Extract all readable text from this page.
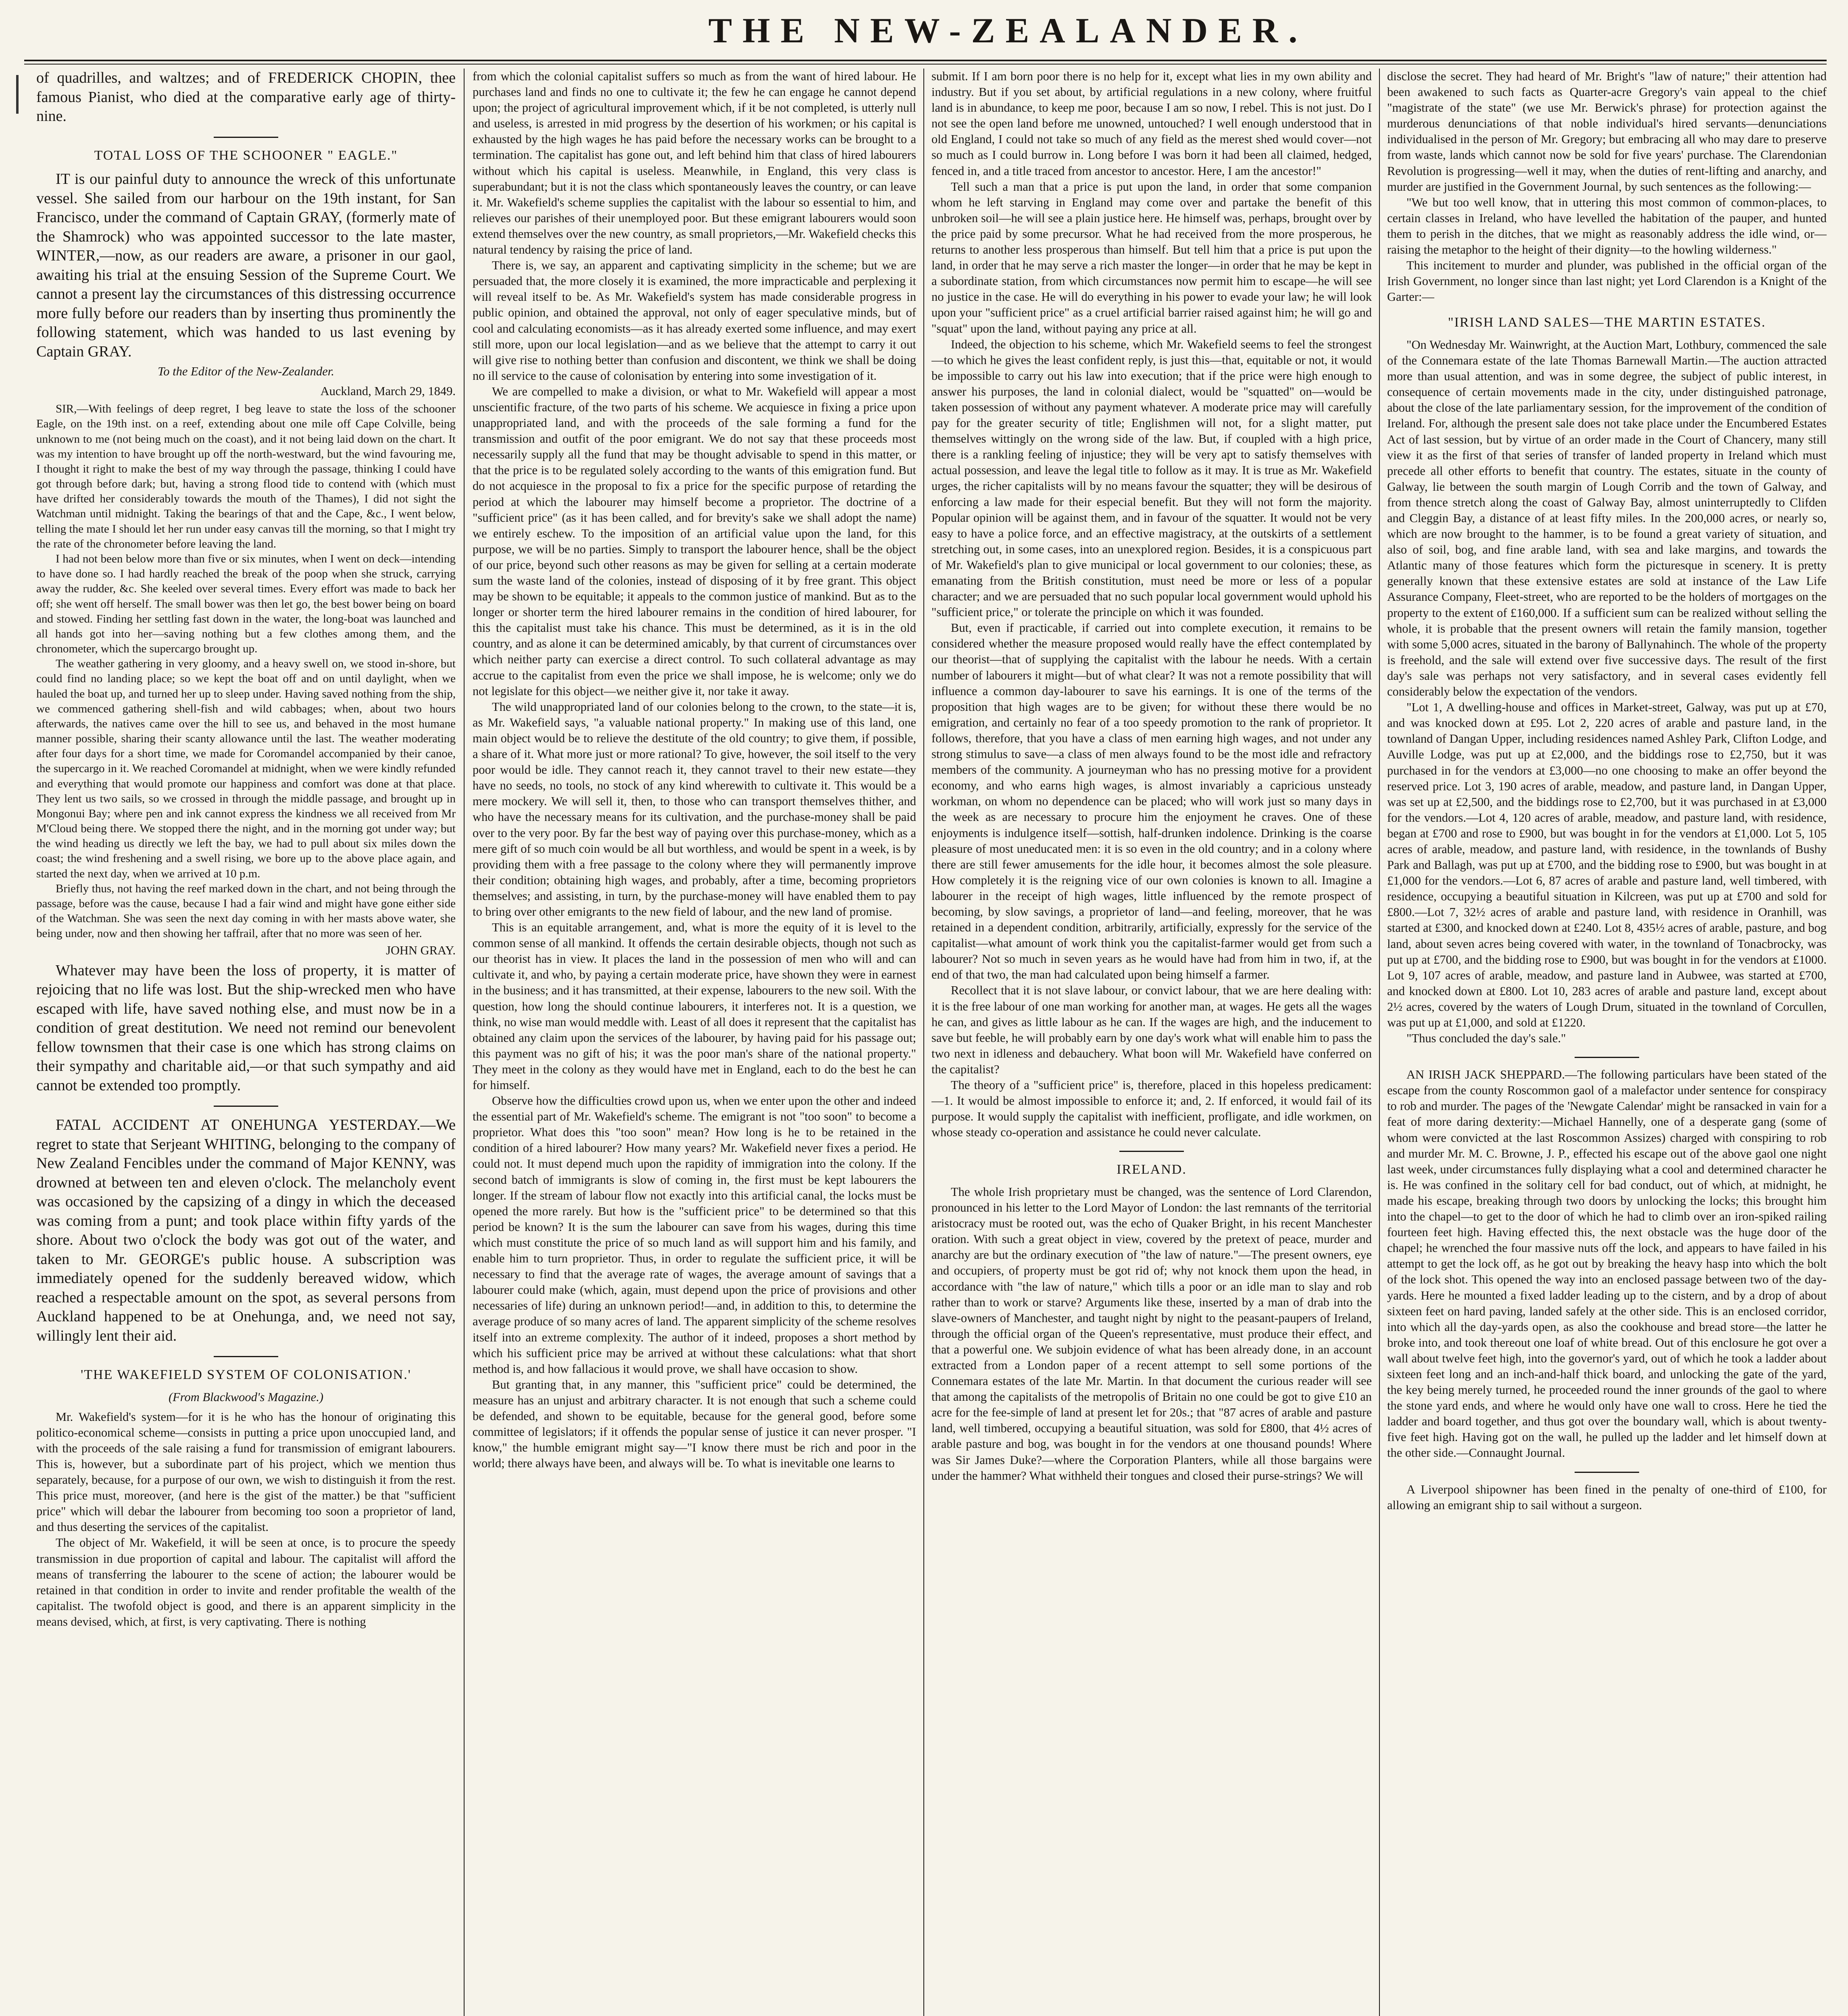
THE NEW-ZEALANDER.

of quadrilles, and waltzes; and of FREDERICK CHOPIN, thee famous Pianist, who died at the comparative early age of thirty-nine.

TOTAL LOSS OF THE SCHOONER " EAGLE."

IT is our painful duty to announce the wreck of this unfortunate vessel. She sailed from our harbour on the 19th instant, for San Francisco, under the command of Captain GRAY, (formerly mate of the Shamrock) who was appointed successor to the late master, WINTER,—now, as our readers are aware, a prisoner in our gaol, awaiting his trial at the ensuing Session of the Supreme Court. We cannot a present lay the circumstances of this distressing occurrence more fully before our readers than by inserting thus prominently the following statement, which was handed to us last evening by Captain GRAY.

To the Editor of the New-Zealander.

Auckland, March 29, 1849.

SIR,—With feelings of deep regret, I beg leave to state the loss of the schooner Eagle, on the 19th inst. on a reef, extending about one mile off Cape Colville, being unknown to me (not being much on the coast), and it not being laid down on the chart. It was my intention to have brought up off the north-westward, but the wind favouring me, I thought it right to make the best of my way through the passage, thinking I could have got through before dark; but, having a strong flood tide to contend with (which must have drifted her considerably towards the mouth of the Thames), I did not sight the Watchman until midnight. Taking the bearings of that and the Cape, &c., I went below, telling the mate I should let her run under easy canvas till the morning, so that I might try the rate of the chronometer before leaving the land.

I had not been below more than five or six minutes, when I went on deck—intending to have done so. I had hardly reached the break of the poop when she struck, carrying away the rudder, &c. She keeled over several times. Every effort was made to back her off; she went off herself. The small bower was then let go, the best bower being on board and stowed. Finding her settling fast down in the water, the long-boat was launched and all hands got into her—saving nothing but a few clothes among them, and the chronometer, which the supercargo brought up.

The weather gathering in very gloomy, and a heavy swell on, we stood in-shore, but could find no landing place; so we kept the boat off and on until daylight, when we hauled the boat up, and turned her up to sleep under. Having saved nothing from the ship, we commenced gathering shell-fish and wild cabbages; when, about two hours afterwards, the natives came over the hill to see us, and behaved in the most humane manner possible, sharing their scanty allowance until the last. The weather moderating after four days for a short time, we made for Coromandel accompanied by their canoe, the supercargo in it. We reached Coromandel at midnight, when we were kindly refunded and everything that would promote our happiness and comfort was done at that place. They lent us two sails, so we crossed in through the middle passage, and brought up in Mongonui Bay; where pen and ink cannot express the kindness we all received from Mr M'Cloud being there. We stopped there the night, and in the morning got under way; but the wind heading us directly we left the bay, we had to pull about six miles down the coast; the wind freshening and a swell rising, we bore up to the above place again, and started the next day, when we arrived at 10 p.m.

Briefly thus, not having the reef marked down in the chart, and not being through the passage, before was the cause, because I had a fair wind and might have gone either side of the Watchman. She was seen the next day coming in with her masts above water, she being under, now and then showing her taffrail, after that no more was seen of her.

JOHN GRAY.

Whatever may have been the loss of property, it is matter of rejoicing that no life was lost. But the ship-wrecked men who have escaped with life, have saved nothing else, and must now be in a condition of great destitution. We need not remind our benevolent fellow townsmen that their case is one which has strong claims on their sympathy and charitable aid,—or that such sympathy and aid cannot be extended too promptly.

FATAL ACCIDENT AT ONEHUNGA YESTERDAY.—We regret to state that Serjeant WHITING, belonging to the company of New Zealand Fencibles under the command of Major KENNY, was drowned at between ten and eleven o'clock. The melancholy event was occasioned by the capsizing of a dingy in which the deceased was coming from a punt; and took place within fifty yards of the shore. About two o'clock the body was got out of the water, and taken to Mr. GEORGE's public house. A subscription was immediately opened for the suddenly bereaved widow, which reached a respectable amount on the spot, as several persons from Auckland happened to be at Onehunga, and, we need not say, willingly lent their aid.

'THE WAKEFIELD SYSTEM OF COLONISATION.'

(From Blackwood's Magazine.)

Mr. Wakefield's system—for it is he who has the honour of originating this politico-economical scheme—consists in putting a price upon unoccupied land, and with the proceeds of the sale raising a fund for transmission of emigrant labourers. This is, however, but a subordinate part of his project, which we mention thus separately, because, for a purpose of our own, we wish to distinguish it from the rest. This price must, moreover, (and here is the gist of the matter.) be that "sufficient price" which will debar the labourer from becoming too soon a proprietor of land, and thus deserting the services of the capitalist.

The object of Mr. Wakefield, it will be seen at once, is to procure the speedy transmission in due proportion of capital and labour. The capitalist will afford the means of transferring the labourer to the scene of action; the labourer would be retained in that condition in order to invite and render profitable the wealth of the capitalist. The twofold object is good, and there is an apparent simplicity in the means devised, which, at first, is very captivating. There is nothing

from which the colonial capitalist suffers so much as from the want of hired labour. He purchases land and finds no one to cultivate it; the few he can engage he cannot depend upon; the project of agricultural improvement which, if it be not completed, is utterly null and useless, is arrested in mid progress by the desertion of his workmen; or his capital is exhausted by the high wages he has paid before the necessary works can be brought to a termination. The capitalist has gone out, and left behind him that class of hired labourers without which his capital is useless. Meanwhile, in England, this very class is superabundant; but it is not the class which spontaneously leaves the country, or can leave it. Mr. Wakefield's scheme supplies the capitalist with the labour so essential to him, and relieves our parishes of their unemployed poor. But these emigrant labourers would soon extend themselves over the new country, as small proprietors,—Mr. Wakefield checks this natural tendency by raising the price of land.

There is, we say, an apparent and captivating simplicity in the scheme; but we are persuaded that, the more closely it is examined, the more impracticable and perplexing it will reveal itself to be. As Mr. Wakefield's system has made considerable progress in public opinion, and obtained the approval, not only of eager speculative minds, but of cool and calculating economists—as it has already exerted some influence, and may exert still more, upon our local legislation—and as we believe that the attempt to carry it out will give rise to nothing better than confusion and discontent, we think we shall be doing no ill service to the cause of colonisation by entering into some investigation of it.

We are compelled to make a division, or what to Mr. Wakefield will appear a most unscientific fracture, of the two parts of his scheme. We acquiesce in fixing a price upon unappropriated land, and with the proceeds of the sale forming a fund for the transmission and outfit of the poor emigrant. We do not say that these proceeds most necessarily supply all the fund that may be thought advisable to spend in this matter, or that the price is to be regulated solely according to the wants of this emigration fund. But do not acquiesce in the proposal to fix a price for the specific purpose of retarding the period at which the labourer may himself become a proprietor. The doctrine of a "sufficient price" (as it has been called, and for brevity's sake we shall adopt the name) we entirely eschew. To the imposition of an artificial value upon the land, for this purpose, we will be no parties. Simply to transport the labourer hence, shall be the object of our price, beyond such other reasons as may be given for selling at a certain moderate sum the waste land of the colonies, instead of disposing of it by free grant. This object may be shown to be equitable; it appeals to the common justice of mankind. But as to the longer or shorter term the hired labourer remains in the condition of hired labourer, for this the capitalist must take his chance. This must be determined, as it is in the old country, and as alone it can be determined amicably, by that current of circumstances over which neither party can exercise a direct control. To such collateral advantage as may accrue to the capitalist from even the price we shall impose, he is welcome; only we do not legislate for this object—we neither give it, nor take it away.

The wild unappropriated land of our colonies belong to the crown, to the state—it is, as Mr. Wakefield says, "a valuable national property." In making use of this land, one main object would be to relieve the destitute of the old country; to give them, if possible, a share of it. What more just or more rational? To give, however, the soil itself to the very poor would be idle. They cannot reach it, they cannot travel to their new estate—they have no seeds, no tools, no stock of any kind wherewith to cultivate it. This would be a mere mockery. We will sell it, then, to those who can transport themselves thither, and who have the necessary means for its cultivation, and the purchase-money shall be paid over to the very poor. By far the best way of paying over this purchase-money, which as a mere gift of so much coin would be all but worthless, and would be spent in a week, is by providing them with a free passage to the colony where they will permanently improve their condition; obtaining high wages, and probably, after a time, becoming proprietors themselves; and assisting, in turn, by the purchase-money will have enabled them to pay to bring over other emigrants to the new field of labour, and the new land of promise.

This is an equitable arrangement, and, what is more the equity of it is level to the common sense of all mankind. It offends the certain desirable objects, though not such as our theorist has in view. It places the land in the possession of men who will and can cultivate it, and who, by paying a certain moderate price, have shown they were in earnest in the business; and it has transmitted, at their expense, labourers to the new soil. With the question, how long the should continue labourers, it interferes not. It is a question, we think, no wise man would meddle with. Least of all does it represent that the capitalist has obtained any claim upon the services of the labourer, by having paid for his passage out; this payment was no gift of his; it was the poor man's share of the national property." They meet in the colony as they would have met in England, each to do the best he can for himself.

Observe how the difficulties crowd upon us, when we enter upon the other and indeed the essential part of Mr. Wakefield's scheme. The emigrant is not "too soon" to become a proprietor. What does this "too soon" mean? How long is he to be retained in the condition of a hired labourer? How many years? Mr. Wakefield never fixes a period. He could not. It must depend much upon the rapidity of immigration into the colony. If the second batch of immigrants is slow of coming in, the first must be kept labourers the longer. If the stream of labour flow not exactly into this artificial canal, the locks must be opened the more rarely. But how is the "sufficient price" to be determined so that this period be known? It is the sum the labourer can save from his wages, during this time which must constitute the price of so much land as will support him and his family, and enable him to turn proprietor. Thus, in order to regulate the sufficient price, it will be necessary to find that the average rate of wages, the average amount of savings that a labourer could make (which, again, must depend upon the price of provisions and other necessaries of life) during an unknown period!—and, in addition to this, to determine the average produce of so many acres of land. The apparent simplicity of the scheme resolves itself into an extreme complexity. The author of it indeed, proposes a short method by which his sufficient price may be arrived at without these calculations: what that short method is, and how fallacious it would prove, we shall have occasion to show.

But granting that, in any manner, this "sufficient price" could be determined, the measure has an unjust and arbitrary character. It is not enough that such a scheme could be defended, and shown to be equitable, because for the general good, before some committee of legislators; if it offends the popular sense of justice it can never prosper. "I know," the humble emigrant might say—"I know there must be rich and poor in the world; there always have been, and always will be. To what is inevitable one learns to

submit. If I am born poor there is no help for it, except what lies in my own ability and industry. But if you set about, by artificial regulations in a new colony, where fruitful land is in abundance, to keep me poor, because I am so now, I rebel. This is not just. Do I not see the open land before me unowned, untouched? I well enough understood that in old England, I could not take so much of any field as the merest shed would cover—not so much as I could burrow in. Long before I was born it had been all claimed, hedged, fenced in, and a title traced from ancestor to ancestor. Here, I am the ancestor!"

Tell such a man that a price is put upon the land, in order that some companion whom he left starving in England may come over and partake the benefit of this unbroken soil—he will see a plain justice here. He himself was, perhaps, brought over by the price paid by some precursor. What he had received from the more prosperous, he returns to another less prosperous than himself. But tell him that a price is put upon the land, in order that he may serve a rich master the longer—in order that he may be kept in a subordinate station, from which circumstances now permit him to escape—he will see no justice in the case. He will do everything in his power to evade your law; he will look upon your "sufficient price" as a cruel artificial barrier raised against him; he will go and "squat" upon the land, without paying any price at all.

Indeed, the objection to his scheme, which Mr. Wakefield seems to feel the strongest—to which he gives the least confident reply, is just this—that, equitable or not, it would be impossible to carry out his law into execution; that if the price were high enough to answer his purposes, the land in colonial dialect, would be "squatted" on—would be taken possession of without any payment whatever. A moderate price may will carefully pay for the greater security of title; Englishmen will not, for a slight matter, put themselves wittingly on the wrong side of the law. But, if coupled with a high price, there is a rankling feeling of injustice; they will be very apt to satisfy themselves with actual possession, and leave the legal title to follow as it may. It is true as Mr. Wakefield urges, the richer capitalists will by no means favour the squatter; they will be desirous of enforcing a law made for their especial benefit. But they will not form the majority. Popular opinion will be against them, and in favour of the squatter. It would not be very easy to have a police force, and an effective magistracy, at the outskirts of a settlement stretching out, in some cases, into an unexplored region. Besides, it is a conspicuous part of Mr. Wakefield's plan to give municipal or local government to our colonies; these, as emanating from the British constitution, must need be more or less of a popular character; and we are persuaded that no such popular local government would uphold his "sufficient price," or tolerate the principle on which it was founded.

But, even if practicable, if carried out into complete execution, it remains to be considered whether the measure proposed would really have the effect contemplated by our theorist—that of supplying the capitalist with the labour he needs. With a certain number of labourers it might—but of what clear? It was not a remote possibility that will influence a common day-labourer to save his earnings. It is one of the terms of the proposition that high wages are to be given; for without these there would be no emigration, and certainly no fear of a too speedy promotion to the rank of proprietor. It follows, therefore, that you have a class of men earning high wages, and not under any strong stimulus to save—a class of men always found to be the most idle and refractory members of the community. A journeyman who has no pressing motive for a provident economy, and who earns high wages, is almost invariably a capricious unsteady workman, on whom no dependence can be placed; who will work just so many days in the week as are necessary to procure him the enjoyment he craves. One of these enjoyments is indulgence itself—sottish, half-drunken indolence. Drinking is the coarse pleasure of most uneducated men: it is so even in the old country; and in a colony where there are still fewer amusements for the idle hour, it becomes almost the sole pleasure. How completely it is the reigning vice of our own colonies is known to all. Imagine a labourer in the receipt of high wages, little influenced by the remote prospect of becoming, by slow savings, a proprietor of land—and feeling, moreover, that he was retained in a dependent condition, arbitrarily, artificially, expressly for the service of the capitalist—what amount of work think you the capitalist-farmer would get from such a labourer? Not so much in seven years as he would have had from him in two, if, at the end of that two, the man had calculated upon being himself a farmer.

Recollect that it is not slave labour, or convict labour, that we are here dealing with: it is the free labour of one man working for another man, at wages. He gets all the wages he can, and gives as little labour as he can. If the wages are high, and the inducement to save but feeble, he will probably earn by one day's work what will enable him to pass the two next in idleness and debauchery. What boon will Mr. Wakefield have conferred on the capitalist?

The theory of a "sufficient price" is, therefore, placed in this hopeless predicament:—1. It would be almost impossible to enforce it; and, 2. If enforced, it would fail of its purpose. It would supply the capitalist with inefficient, profligate, and idle workmen, on whose steady co-operation and assistance he could never calculate.

IRELAND.

The whole Irish proprietary must be changed, was the sentence of Lord Clarendon, pronounced in his letter to the Lord Mayor of London: the last remnants of the territorial aristocracy must be rooted out, was the echo of Quaker Bright, in his recent Manchester oration. With such a great object in view, covered by the pretext of peace, murder and anarchy are but the ordinary execution of "the law of nature."—The present owners, eye and occupiers, of property must be got rid of; why not knock them upon the head, in accordance with "the law of nature," which tills a poor or an idle man to slay and rob rather than to work or starve? Arguments like these, inserted by a man of drab into the slave-owners of Manchester, and taught night by night to the peasant-paupers of Ireland, through the official organ of the Queen's representative, must produce their effect, and that a powerful one. We subjoin evidence of what has been already done, in an account extracted from a London paper of a recent attempt to sell some portions of the Connemara estates of the late Mr. Martin. In that document the curious reader will see that among the capitalists of the metropolis of Britain no one could be got to give £10 an acre for the fee-simple of land at present let for 20s.; that "87 acres of arable and pasture land, well timbered, occupying a beautiful situation, was sold for £800, that 4½ acres of arable pasture and bog, was bought in for the vendors at one thousand pounds! Where was Sir James Duke?—where the Corporation Planters, while all those bargains were under the hammer? What withheld their tongues and closed their purse-strings? We will

disclose the secret. They had heard of Mr. Bright's "law of nature;" their attention had been awakened to such facts as Quarter-acre Gregory's vain appeal to the chief "magistrate of the state" (we use Mr. Berwick's phrase) for protection against the murderous denunciations of that noble individual's hired servants—denunciations individualised in the person of Mr. Gregory; but embracing all who may dare to preserve from waste, lands which cannot now be sold for five years' purchase. The Clarendonian Revolution is progressing—well it may, when the duties of rent-lifting and anarchy, and murder are justified in the Government Journal, by such sentences as the following:—

"We but too well know, that in uttering this most common of common-places, to certain classes in Ireland, who have levelled the habitation of the pauper, and hunted them to perish in the ditches, that we might as reasonably address the idle wind, or—raising the metaphor to the height of their dignity—to the howling wilderness."

This incitement to murder and plunder, was published in the official organ of the Irish Government, no longer since than last night; yet Lord Clarendon is a Knight of the Garter:—

"IRISH LAND SALES—THE MARTIN ESTATES.

"On Wednesday Mr. Wainwright, at the Auction Mart, Lothbury, commenced the sale of the Connemara estate of the late Thomas Barnewall Martin.—The auction attracted more than usual attention, and was in some degree, the subject of public interest, in consequence of certain movements made in the city, under distinguished patronage, about the close of the late parliamentary session, for the improvement of the condition of Ireland. For, although the present sale does not take place under the Encumbered Estates Act of last session, but by virtue of an order made in the Court of Chancery, many still view it as the first of that series of transfer of landed property in Ireland which must precede all other efforts to benefit that country. The estates, situate in the county of Galway, lie between the south margin of Lough Corrib and the town of Galway, and from thence stretch along the coast of Galway Bay, almost uninterruptedly to Clifden and Cleggin Bay, a distance of at least fifty miles. In the 200,000 acres, or nearly so, which are now brought to the hammer, is to be found a great variety of situation, and also of soil, bog, and fine arable land, with sea and lake margins, and towards the Atlantic many of those features which form the picturesque in scenery. It is pretty generally known that these extensive estates are sold at instance of the Law Life Assurance Company, Fleet-street, who are reported to be the holders of mortgages on the property to the extent of £160,000. If a sufficient sum can be realized without selling the whole, it is probable that the present owners will retain the family mansion, together with some 5,000 acres, situated in the barony of Ballynahinch. The whole of the property is freehold, and the sale will extend over five successive days. The result of the first day's sale was perhaps not very satisfactory, and in several cases evidently fell considerably below the expectation of the vendors.

"Lot 1, A dwelling-house and offices in Market-street, Galway, was put up at £70, and was knocked down at £95. Lot 2, 220 acres of arable and pasture land, in the townland of Dangan Upper, including residences named Ashley Park, Clifton Lodge, and Auville Lodge, was put up at £2,000, and the biddings rose to £2,750, but it was purchased in for the vendors at £3,000—no one choosing to make an offer beyond the reserved price. Lot 3, 190 acres of arable, meadow, and pasture land, in Dangan Upper, was set up at £2,500, and the biddings rose to £2,700, but it was purchased in at £3,000 for the vendors.—Lot 4, 120 acres of arable, meadow, and pasture land, with residence, began at £700 and rose to £900, but was bought in for the vendors at £1,000. Lot 5, 105 acres of arable, meadow, and pasture land, with residence, in the townlands of Bushy Park and Ballagh, was put up at £700, and the bidding rose to £900, but was bought in at £1,000 for the vendors.—Lot 6, 87 acres of arable and pasture land, well timbered, with residence, occupying a beautiful situation in Kilcreen, was put up at £700 and sold for £800.—Lot 7, 32½ acres of arable and pasture land, with residence in Oranhill, was started at £300, and knocked down at £240. Lot 8, 435½ acres of arable, pasture, and bog land, about seven acres being covered with water, in the townland of Tonacbrocky, was put up at £700, and the bidding rose to £900, but was bought in for the vendors at £1000. Lot 9, 107 acres of arable, meadow, and pasture land in Aubwee, was started at £700, and knocked down at £800. Lot 10, 283 acres of arable and pasture land, except about 2½ acres, covered by the waters of Lough Drum, situated in the townland of Corcullen, was put up at £1,000, and sold at £1220.

"Thus concluded the day's sale."

AN IRISH JACK SHEPPARD.—The following particulars have been stated of the escape from the county Roscommon gaol of a malefactor under sentence for conspiracy to rob and murder. The pages of the 'Newgate Calendar' might be ransacked in vain for a feat of more daring dexterity:—Michael Hannelly, one of a desperate gang (some of whom were convicted at the last Roscommon Assizes) charged with conspiring to rob and murder Mr. M. C. Browne, J. P., effected his escape out of the above gaol one night last week, under circumstances fully displaying what a cool and determined character he is. He was confined in the solitary cell for bad conduct, out of which, at midnight, he made his escape, breaking through two doors by unlocking the locks; this brought him into the chapel—to get to the door of which he had to climb over an iron-spiked railing fourteen feet high. Having effected this, the next obstacle was the huge door of the chapel; he wrenched the four massive nuts off the lock, and appears to have failed in his attempt to get the lock off, as he got out by breaking the heavy hasp into which the bolt of the lock shot. This opened the way into an enclosed passage between two of the day-yards. Here he mounted a fixed ladder leading up to the cistern, and by a drop of about sixteen feet on hard paving, landed safely at the other side. This is an enclosed corridor, into which all the day-yards open, as also the cookhouse and bread store—the latter he broke into, and took thereout one loaf of white bread. Out of this enclosure he got over a wall about twelve feet high, into the governor's yard, out of which he took a ladder about sixteen feet long and an inch-and-half thick board, and unlocking the gate of the yard, the key being merely turned, he proceeded round the inner grounds of the gaol to where the stone yard ends, and where he would only have one wall to cross. Here he tied the ladder and board together, and thus got over the boundary wall, which is about twenty-five feet high. Having got on the wall, he pulled up the ladder and let himself down at the other side.—Connaught Journal.

A Liverpool shipowner has been fined in the penalty of one-third of £100, for allowing an emigrant ship to sail without a surgeon.
